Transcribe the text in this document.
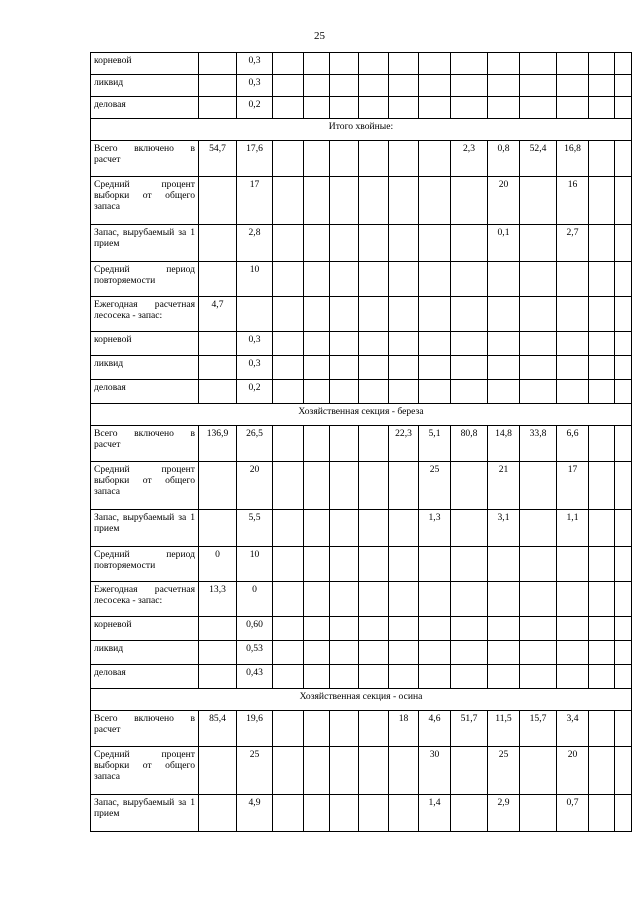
25
корневой		0,3												
ликвид		0,3												
деловая		0,2												
Итого хвойные:														
Всего включено в расчет	54,7	17,6							2,3	0,8	52,4	16,8		
Средний процент выборки от общего запаса		17								20		16		
Запас, вырубаемый за 1 прием		2,8								0,1		2,7		
Средний период повторяемости		10												
Ежегодная расчетная лесосека - запас:	4,7													
корневой		0,3												
ликвид		0,3												
деловая		0,2												
Хозяйственная секция - береза														
Всего включено в расчет	136,9	26,5					22,3	5,1	80,8	14,8	33,8	6,6		
Средний процент выборки от общего запаса		20						25		21		17		
Запас, вырубаемый за 1 прием		5,5						1,3		3,1		1,1		
Средний период повторяемости	0	10												
Ежегодная расчетная лесосека - запас:	13,3	0												
корневой		0,60												
ликвид		0,53												
деловая		0,43												
Хозяйственная секция - осина														
Всего включено в расчет	85,4	19,6					18	4,6	51,7	11,5	15,7	3,4		
Средний процент выборки от общего запаса		25						30		25		20		
Запас, вырубаемый за 1 прием		4,9						1,4		2,9		0,7		
